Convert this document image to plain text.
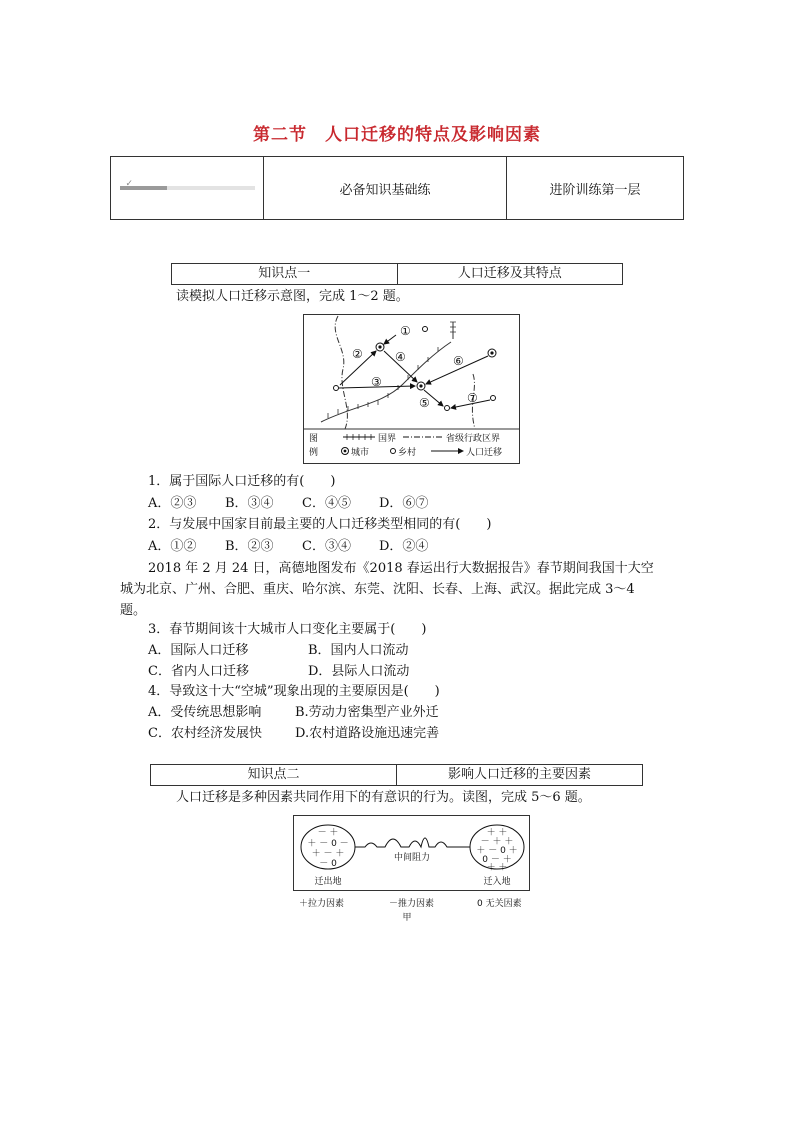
第二节　人口迁移的特点及影响因素
✓	必备知识基础练	进阶训练第一层
知识点一	人口迁移及其特点
读模拟人口迁移示意图，完成 1～2 题。
①
②
③
④
⑤
⑥
⑦
图
例
国界	省级行政区界
城市	乡村	人口迁移
1．属于国际人口迁移的有(　　)
A．②③ B．③④ C．④⑤ D．⑥⑦
2．与发展中国家目前最主要的人口迁移类型相同的有(　　)
A．①② B．②③ C．③④ D．②④
2018 年 2 月 24 日，高德地图发布《2018 春运出行大数据报告》春节期间我国十大空
城为北京、广州、合肥、重庆、哈尔滨、东莞、沈阳、长春、上海、武汉。据此完成 3～4
题。
3．春节期间该十大城市人口变化主要属于(　　)
A．国际人口迁移	B．国内人口流动
C．省内人口迁移	D．县际人口流动
4．导致这十大“空城”现象出现的主要原因是(　　)
A．受传统思想影响	B.劳动力密集型产业外迁
C．农村经济发展快	D.农村道路设施迅速完善
知识点二	影响人口迁移的主要因素
人口迁移是多种因素共同作用下的有意识的行为。读图，完成 5～6 题。
－ ＋
＋ － 0 －
＋ － ＋
－ 0
＋ ＋
－ ＋ ＋
＋ － 0 ＋
0 － ＋
＋ ＋
中间阻力
迁出地	迁入地
＋拉力因素	－推力因素	0 无关因素
甲
